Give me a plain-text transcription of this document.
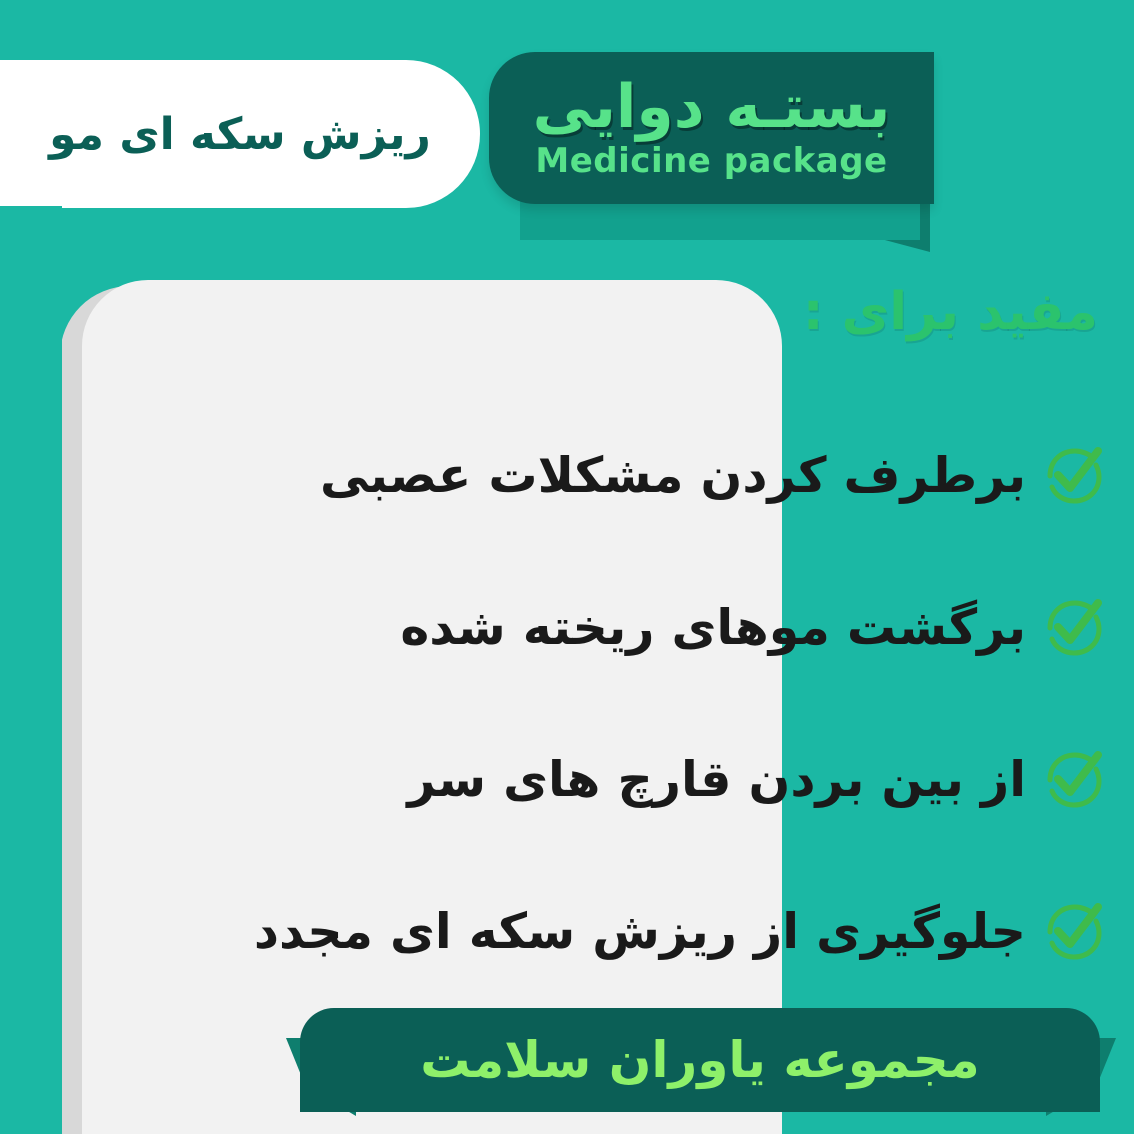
ریزش سکه ای مو بستـه دوایی
Medicine package
مفید برای :
برطرف کردن مشکلات عصبی
برگشت موهای ریخته شده
از بین بردن قارچ های سر
جلوگیری از ریزش سکه ای مجدد
مجموعه یاوران سلامت
